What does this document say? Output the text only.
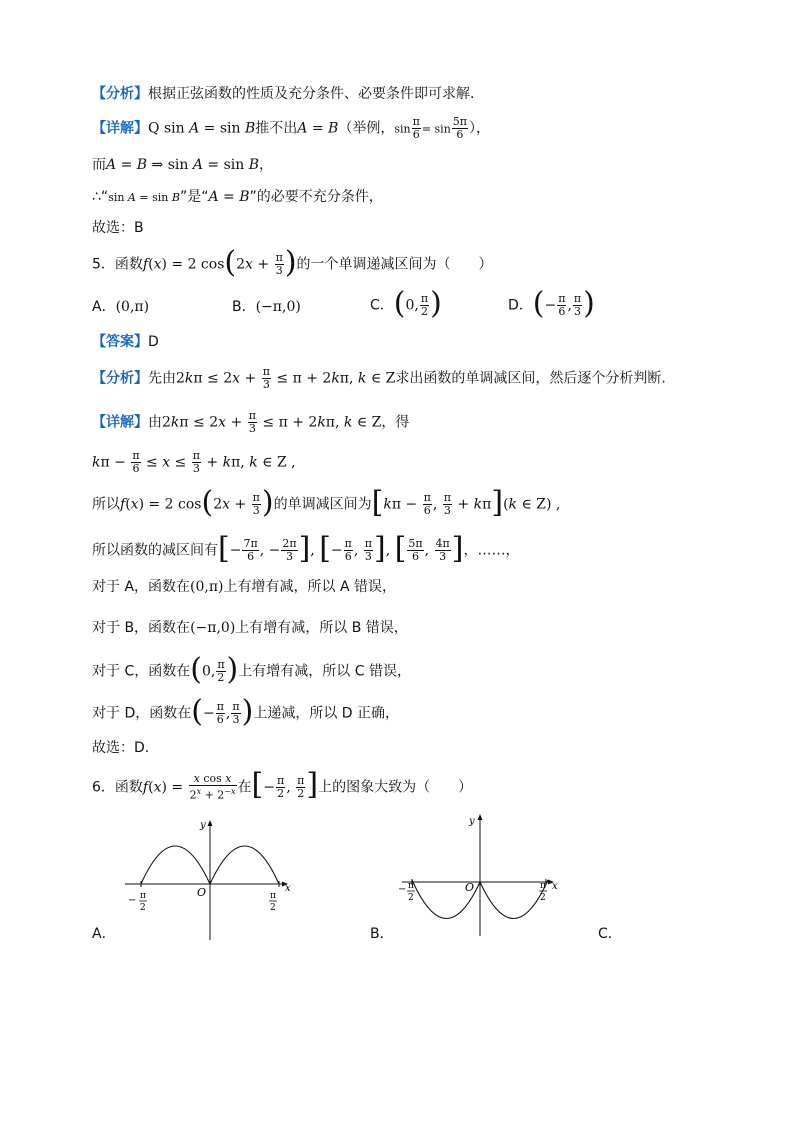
【分析】根据正弦函数的性质及充分条件、必要条件即可求解.
【详解】Q sin A = sin B推不出A = B（举例，$\sin \frac{\pi}{6} = \sin \frac{5\pi}{6}$ ），
而A = B ⇒ sin A = sin B，
∴“sin A = sin B”是“A = B”的必要不充分条件，
故选：B
5．函数f(x) = 2 $\cos(2x + \frac{\pi}{3}$ )的一个单调递减区间为（　　）
A．(0,π)	B．(−π,0)	C．(0, $\frac{\pi}{2}$ )	D．(− $\frac{\pi}{6}$ , $\frac{\pi}{3}$ )
【答案】D
【分析】先由$2k\pi \le 2x + \frac{\pi}{3} \le \pi + 2k\pi$, k ∈ Z求出函数的单调减区间，然后逐个分析判断.
【详解】由$2k\pi \le 2x + \frac{\pi}{3} \le \pi + 2k\pi$, k ∈ Z，得
$k\pi - \frac{\pi}{6} \le x \le \frac{\pi}{3} + k\pi$, k ∈ Z ,
所以f(x) = 2 $\cos(2x + \frac{\pi}{3}$ )的单调减区间为[$k\pi - \frac{\pi}{6}$ , $\frac{\pi}{3} + k\pi](k$ ∈ Z) ,
所以函数的减区间有[− $\frac{7\pi}{6}$ , − $\frac{2\pi}{3}$ ], [− $\frac{\pi}{6}$ , $\frac{\pi}{3}$ ], [ $\frac{5\pi}{6}$ , $\frac{4\pi}{3}$ ]，……，
对于 A，函数在(0,π)上有增有减，所以 A 错误，
对于 B，函数在(−π,0)上有增有减，所以 B 错误，
对于 C，函数在(0, $\frac{\pi}{2}$ )上有增有减，所以 C 错误，
对于 D，函数在(− $\frac{\pi}{6}$ , $\frac{\pi}{3}$ )上递减，所以 D 正确，
故选：D.
6．函数$f(x) = \frac{\text{x cos x}}{2^x + 2^{-x}}$ 在[− $\frac{\pi}{2}$ , $\frac{\pi}{2}$ ]上的图象大致为（　　）
y
x
O
− π
2
π
2
A．
y
x
O
− π
2
π
2
B．	C．
